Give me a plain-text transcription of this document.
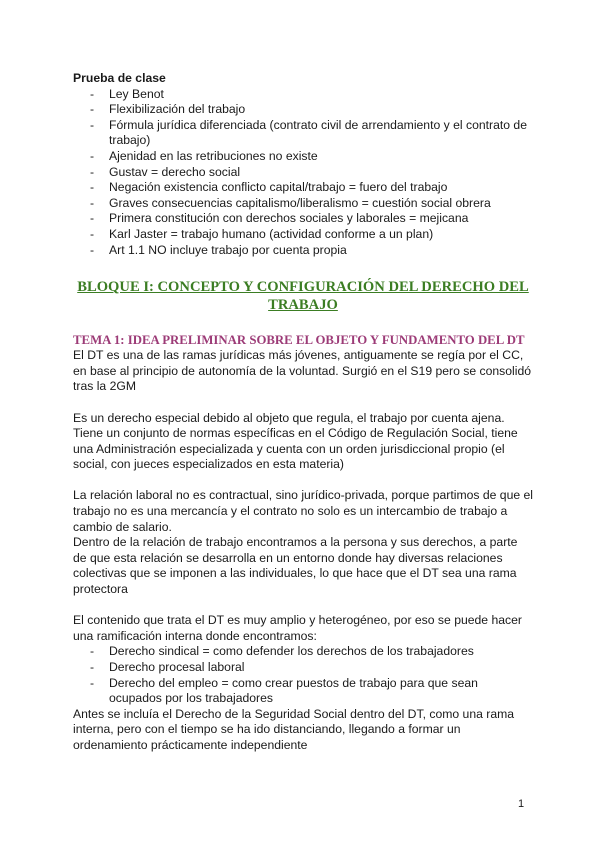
Prueba de clase

- Ley Benot
- Flexibilización del trabajo
- Fórmula jurídica diferenciada (contrato civil de arrendamiento y el contrato de trabajo)
- Ajenidad en las retribuciones no existe
- Gustav = derecho social
- Negación existencia conflicto capital/trabajo = fuero del trabajo
- Graves consecuencias capitalismo/liberalismo = cuestión social obrera
- Primera constitución con derechos sociales y laborales = mejicana
- Karl Jaster = trabajo humano (actividad conforme a un plan)
- Art 1.1 NO incluye trabajo por cuenta propia
BLOQUE I: CONCEPTO Y CONFIGURACIÓN DEL DERECHO DEL TRABAJO
TEMA 1: IDEA PRELIMINAR SOBRE EL OBJETO Y FUNDAMENTO DEL DT

El DT es una de las ramas jurídicas más jóvenes, antiguamente se regía por el CC, en base al principio de autonomía de la voluntad. Surgió en el S19 pero se consolidó tras la 2GM

Es un derecho especial debido al objeto que regula, el trabajo por cuenta ajena. Tiene un conjunto de normas específicas en el Código de Regulación Social, tiene una Administración especializada y cuenta con un orden jurisdiccional propio (el social, con jueces especializados en esta materia)

La relación laboral no es contractual, sino jurídico-privada, porque partimos de que el trabajo no es una mercancía y el contrato no solo es un intercambio de trabajo a cambio de salario.

Dentro de la relación de trabajo encontramos a la persona y sus derechos, a parte de que esta relación se desarrolla en un entorno donde hay diversas relaciones colectivas que se imponen a las individuales, lo que hace que el DT sea una rama protectora

El contenido que trata el DT es muy amplio y heterogéneo, por eso se puede hacer una ramificación interna donde encontramos:

- Derecho sindical = como defender los derechos de los trabajadores
- Derecho procesal laboral
- Derecho del empleo = como crear puestos de trabajo para que sean ocupados por los trabajadores

Antes se incluía el Derecho de la Seguridad Social dentro del DT, como una rama interna, pero con el tiempo se ha ido distanciando, llegando a formar un ordenamiento prácticamente independiente

1
